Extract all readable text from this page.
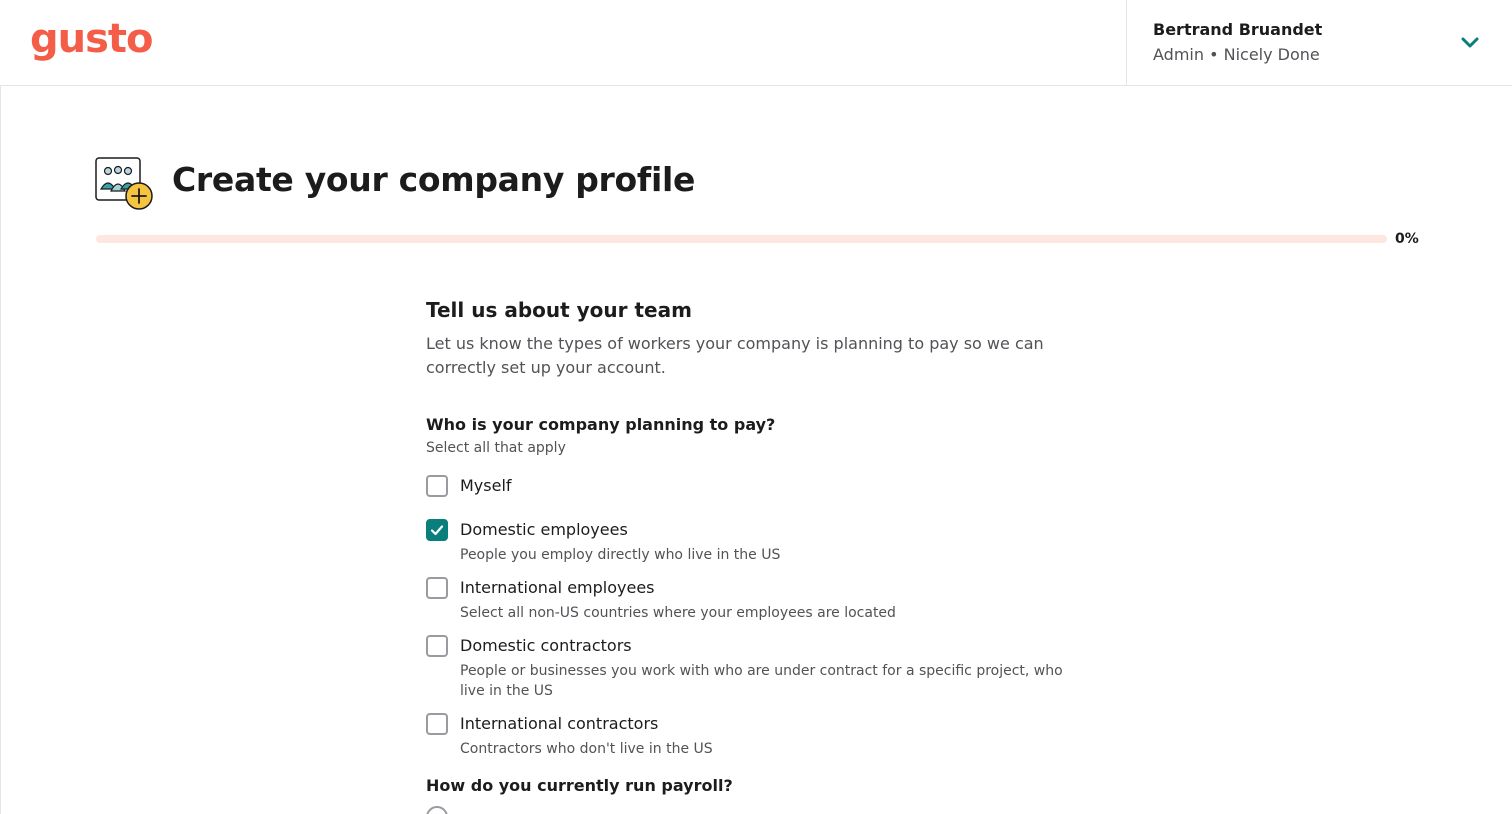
gusto	Bertrand Bruandet
Admin • Nicely Done
Create your company profile
0%
Tell us about your team
Let us know the types of workers your company is planning to pay so we can correctly set up your account.
Who is your company planning to pay?
Select all that apply
Myself
Domestic employees
People you employ directly who live in the US
International employees
Select all non-US countries where your employees are located
Domestic contractors
People or businesses you work with who are under contract for a specific project, who live in the US
International contractors
Contractors who don't live in the US
How do you currently run payroll?
